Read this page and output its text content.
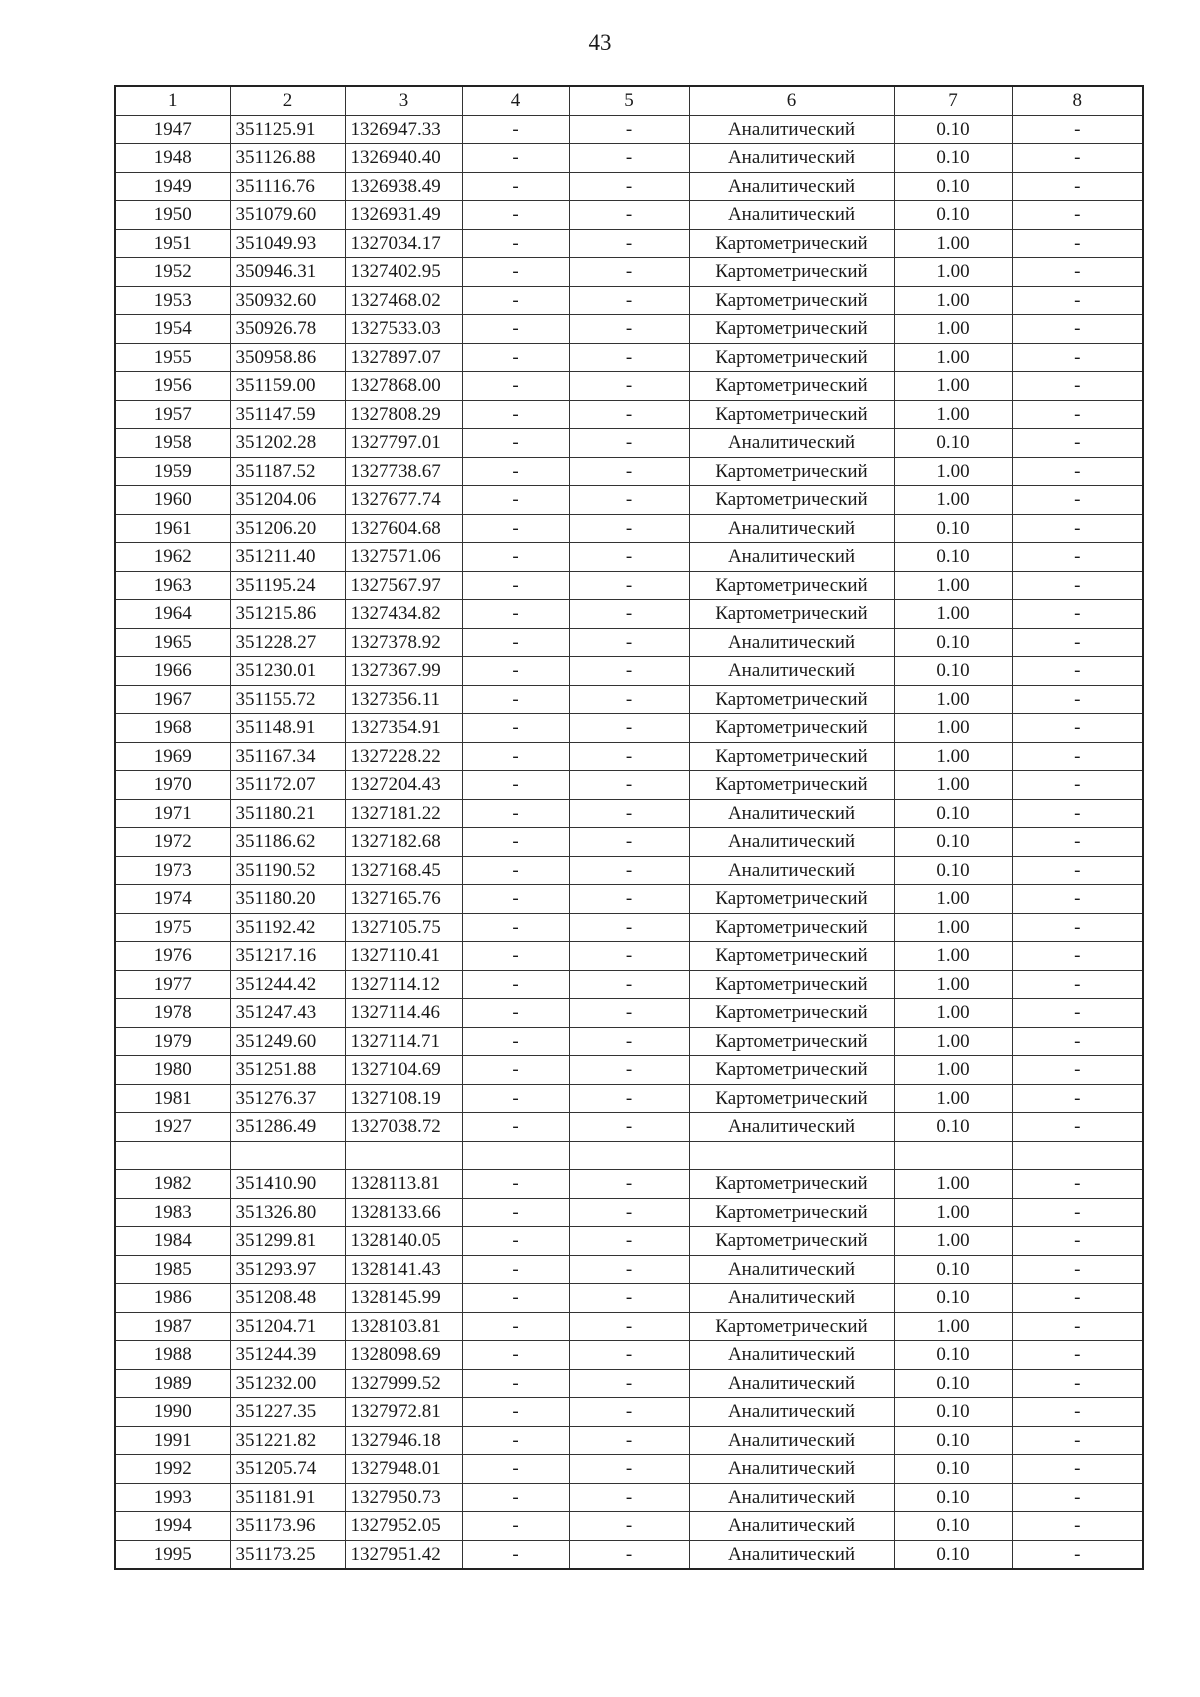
43
1	2	3	4	5	6	7	8
1947	351125.91	1326947.33	-	-	Аналитический	0.10	-
1948	351126.88	1326940.40	-	-	Аналитический	0.10	-
1949	351116.76	1326938.49	-	-	Аналитический	0.10	-
1950	351079.60	1326931.49	-	-	Аналитический	0.10	-
1951	351049.93	1327034.17	-	-	Картометрический	1.00	-
1952	350946.31	1327402.95	-	-	Картометрический	1.00	-
1953	350932.60	1327468.02	-	-	Картометрический	1.00	-
1954	350926.78	1327533.03	-	-	Картометрический	1.00	-
1955	350958.86	1327897.07	-	-	Картометрический	1.00	-
1956	351159.00	1327868.00	-	-	Картометрический	1.00	-
1957	351147.59	1327808.29	-	-	Картометрический	1.00	-
1958	351202.28	1327797.01	-	-	Аналитический	0.10	-
1959	351187.52	1327738.67	-	-	Картометрический	1.00	-
1960	351204.06	1327677.74	-	-	Картометрический	1.00	-
1961	351206.20	1327604.68	-	-	Аналитический	0.10	-
1962	351211.40	1327571.06	-	-	Аналитический	0.10	-
1963	351195.24	1327567.97	-	-	Картометрический	1.00	-
1964	351215.86	1327434.82	-	-	Картометрический	1.00	-
1965	351228.27	1327378.92	-	-	Аналитический	0.10	-
1966	351230.01	1327367.99	-	-	Аналитический	0.10	-
1967	351155.72	1327356.11	-	-	Картометрический	1.00	-
1968	351148.91	1327354.91	-	-	Картометрический	1.00	-
1969	351167.34	1327228.22	-	-	Картометрический	1.00	-
1970	351172.07	1327204.43	-	-	Картометрический	1.00	-
1971	351180.21	1327181.22	-	-	Аналитический	0.10	-
1972	351186.62	1327182.68	-	-	Аналитический	0.10	-
1973	351190.52	1327168.45	-	-	Аналитический	0.10	-
1974	351180.20	1327165.76	-	-	Картометрический	1.00	-
1975	351192.42	1327105.75	-	-	Картометрический	1.00	-
1976	351217.16	1327110.41	-	-	Картометрический	1.00	-
1977	351244.42	1327114.12	-	-	Картометрический	1.00	-
1978	351247.43	1327114.46	-	-	Картометрический	1.00	-
1979	351249.60	1327114.71	-	-	Картометрический	1.00	-
1980	351251.88	1327104.69	-	-	Картометрический	1.00	-
1981	351276.37	1327108.19	-	-	Картометрический	1.00	-
1927	351286.49	1327038.72	-	-	Аналитический	0.10	-

1982	351410.90	1328113.81	-	-	Картометрический	1.00	-
1983	351326.80	1328133.66	-	-	Картометрический	1.00	-
1984	351299.81	1328140.05	-	-	Картометрический	1.00	-
1985	351293.97	1328141.43	-	-	Аналитический	0.10	-
1986	351208.48	1328145.99	-	-	Аналитический	0.10	-
1987	351204.71	1328103.81	-	-	Картометрический	1.00	-
1988	351244.39	1328098.69	-	-	Аналитический	0.10	-
1989	351232.00	1327999.52	-	-	Аналитический	0.10	-
1990	351227.35	1327972.81	-	-	Аналитический	0.10	-
1991	351221.82	1327946.18	-	-	Аналитический	0.10	-
1992	351205.74	1327948.01	-	-	Аналитический	0.10	-
1993	351181.91	1327950.73	-	-	Аналитический	0.10	-
1994	351173.96	1327952.05	-	-	Аналитический	0.10	-
1995	351173.25	1327951.42	-	-	Аналитический	0.10	-
